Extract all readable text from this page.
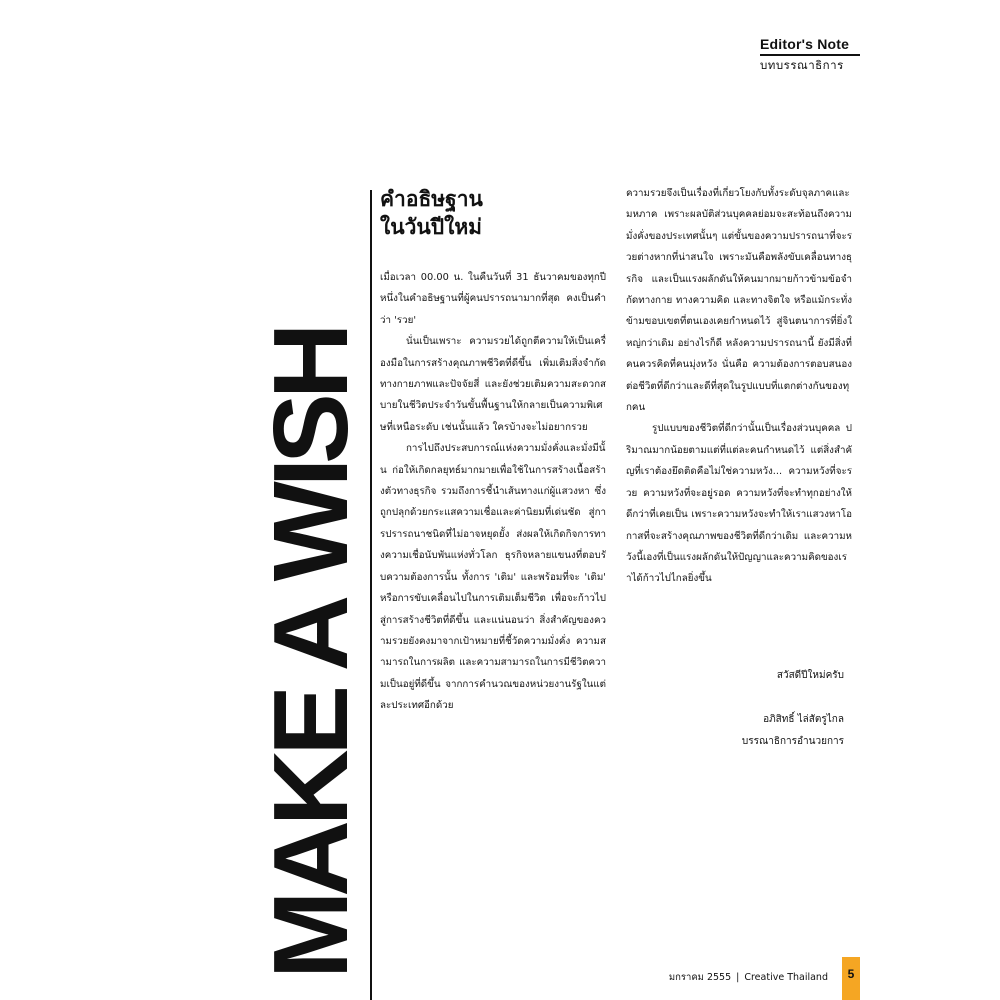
Editor's Note
บทบรรณาธิการ
MAKE A WISH
คำอธิษฐาน
ในวันปีใหม่

เมื่อเวลา 00.00 น. ในคืนวันที่ 31 ธันวาคมของทุกปี หนึ่งในคำอธิษฐานที่ผู้คนปรารถนามากที่สุด คงเป็นคำว่า 'รวย'

นั่นเป็นเพราะ ความรวยได้ถูกตีความให้เป็นเครื่องมือในการสร้างคุณภาพชีวิตที่ดีขึ้น เพิ่มเติมสิ่งจำกัดทางกายภาพและปัจจัยสี่ และยังช่วยเติมความสะดวกสบายในชีวิตประจำวันขั้นพื้นฐานให้กลายเป็นความพิเศษที่เหนือระดับ เช่นนั้นแล้ว ใครบ้างจะไม่อยากรวย

การไปถึงประสบการณ์แห่งความมั่งคั่งและมั่งมีนั้น ก่อให้เกิดกลยุทธ์มากมายเพื่อใช้ในการสร้างเนื้อสร้างตัวทางธุรกิจ รวมถึงการชี้นำเส้นทางแก่ผู้แสวงหา ซึ่งถูกปลุกด้วยกระแสความเชื่อและค่านิยมที่เด่นชัด สู่การปรารถนาชนิดที่ไม่อาจหยุดยั้ง ส่งผลให้เกิดกิจการทางความเชื่อนับพันแห่งทั่วโลก ธุรกิจหลายแขนงที่ตอบรับความต้องการนั้น ทั้งการ 'เติม' และพร้อมที่จะ 'เติม' หรือการขับเคลื่อนไปในการเติมเต็มชีวิต เพื่อจะก้าวไปสู่การสร้างชีวิตที่ดีขึ้น และแน่นอนว่า สิ่งสำคัญของความรวยยังคงมาจากเป้าหมายที่ชี้วัดความมั่งคั่ง ความสามารถในการผลิต และความสามารถในการมีชีวิตความเป็นอยู่ที่ดีขึ้น จากการคำนวณของหน่วยงานรัฐในแต่ละประเทศอีกด้วย

ความรวยจึงเป็นเรื่องที่เกี่ยวโยงกับทั้งระดับจุลภาคและมหภาค เพราะผลบัติส่วนบุคคลย่อมจะสะท้อนถึงความมั่งคั่งของประเทศนั้นๆ แต่ขั้นของความปรารถนาที่จะรวยต่างหากที่น่าสนใจ เพราะมันคือพลังขับเคลื่อนทางธุรกิจ และเป็นแรงผลักดันให้คนมากมายก้าวข้ามข้อจำกัดทางกาย ทางความคิด และทางจิตใจ หรือแม้กระทั่งข้ามขอบเขตที่ตนเองเคยกำหนดไว้ สู่จินตนาการที่ยิ่งใหญ่กว่าเดิม อย่างไรก็ดี หลังความปรารถนานี้ ยังมีสิ่งที่คนควรคิดที่คนมุ่งหวัง นั่นคือ ความต้องการตอบสนองต่อชีวิตที่ดีกว่าและดีที่สุดในรูปแบบที่แตกต่างกันของทุกคน

รูปแบบของชีวิตที่ดีกว่านั้นเป็นเรื่องส่วนบุคคล ปริมาณมากน้อยตามแต่ที่แต่ละคนกำหนดไว้ แต่สิ่งสำคัญที่เราต้องยึดติดคือไม่ใช่ความหวัง... ความหวังที่จะรวย ความหวังที่จะอยู่รอด ความหวังที่จะทำทุกอย่างให้ดีกว่าที่เคยเป็น เพราะความหวังจะทำให้เราแสวงหาโอกาสที่จะสร้างคุณภาพของชีวิตที่ดีกว่าเดิม และความหวังนี้เองที่เป็นแรงผลักดันให้ปัญญาและความคิดของเราได้ก้าวไปไกลยิ่งขึ้น

สวัสดีปีใหม่ครับ
อภิสิทธิ์ ไล่สัตรูไกล
บรรณาธิการอำนวยการ
มกราคม 2555 | Creative Thailand	5
